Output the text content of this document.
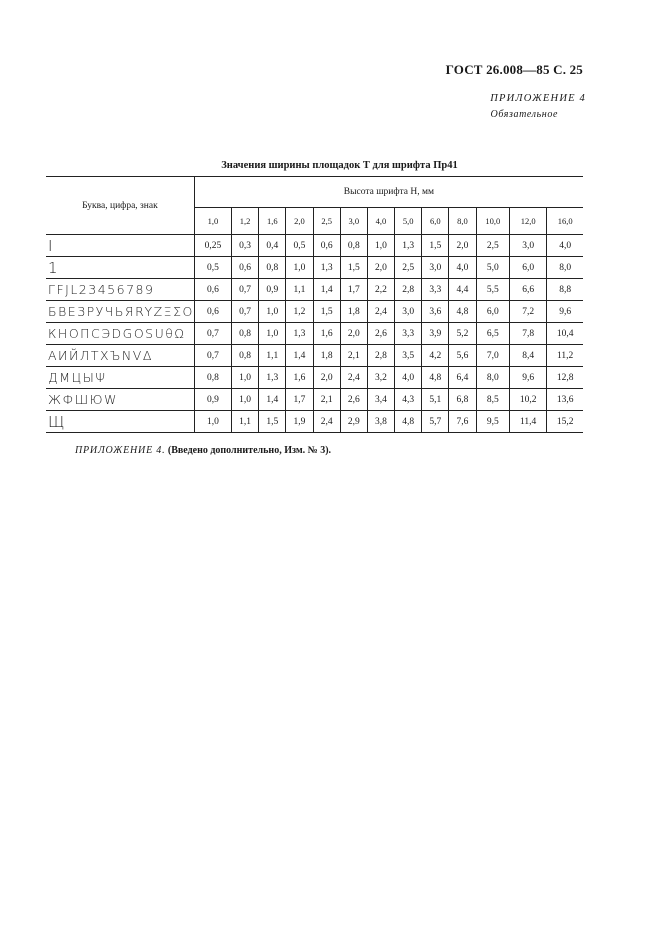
ГОСТ 26.008—85 С. 25
ПРИЛОЖЕНИЕ 4
Обязательное
Значения ширины площадок Т для шрифта Пр41
Буква, цифра, знак	Высота шрифта H, мм												
	1,0	1,2	1,6	2,0	2,5	3,0	4,0	5,0	6,0	8,0	10,0	12,0	16,0
I	0,25	0,3	0,4	0,5	0,6	0,8	1,0	1,3	1,5	2,0	2,5	3,0	4,0
1	0,5	0,6	0,8	1,0	1,3	1,5	2,0	2,5	3,0	4,0	5,0	6,0	8,0
ГFJL23456789	0,6	0,7	0,9	1,1	1,4	1,7	2,2	2,8	3,3	4,4	5,5	6,6	8,8
БВЕЗРУЧЬЯRYZΞΣΟ	0,6	0,7	1,0	1,2	1,5	1,8	2,4	3,0	3,6	4,8	6,0	7,2	9,6
КНОПСЭDGOSUθΩ	0,7	0,8	1,0	1,3	1,6	2,0	2,6	3,3	3,9	5,2	6,5	7,8	10,4
АИЙЛТХЪNVΔ	0,7	0,8	1,1	1,4	1,8	2,1	2,8	3,5	4,2	5,6	7,0	8,4	11,2
ДМЦЫΨ	0,8	1,0	1,3	1,6	2,0	2,4	3,2	4,0	4,8	6,4	8,0	9,6	12,8
ЖФШЮW	0,9	1,0	1,4	1,7	2,1	2,6	3,4	4,3	5,1	6,8	8,5	10,2	13,6
Щ	1,0	1,1	1,5	1,9	2,4	2,9	3,8	4,8	5,7	7,6	9,5	11,4	15,2
ПРИЛОЖЕНИЕ 4. (Введено дополнительно, Изм. № 3).
